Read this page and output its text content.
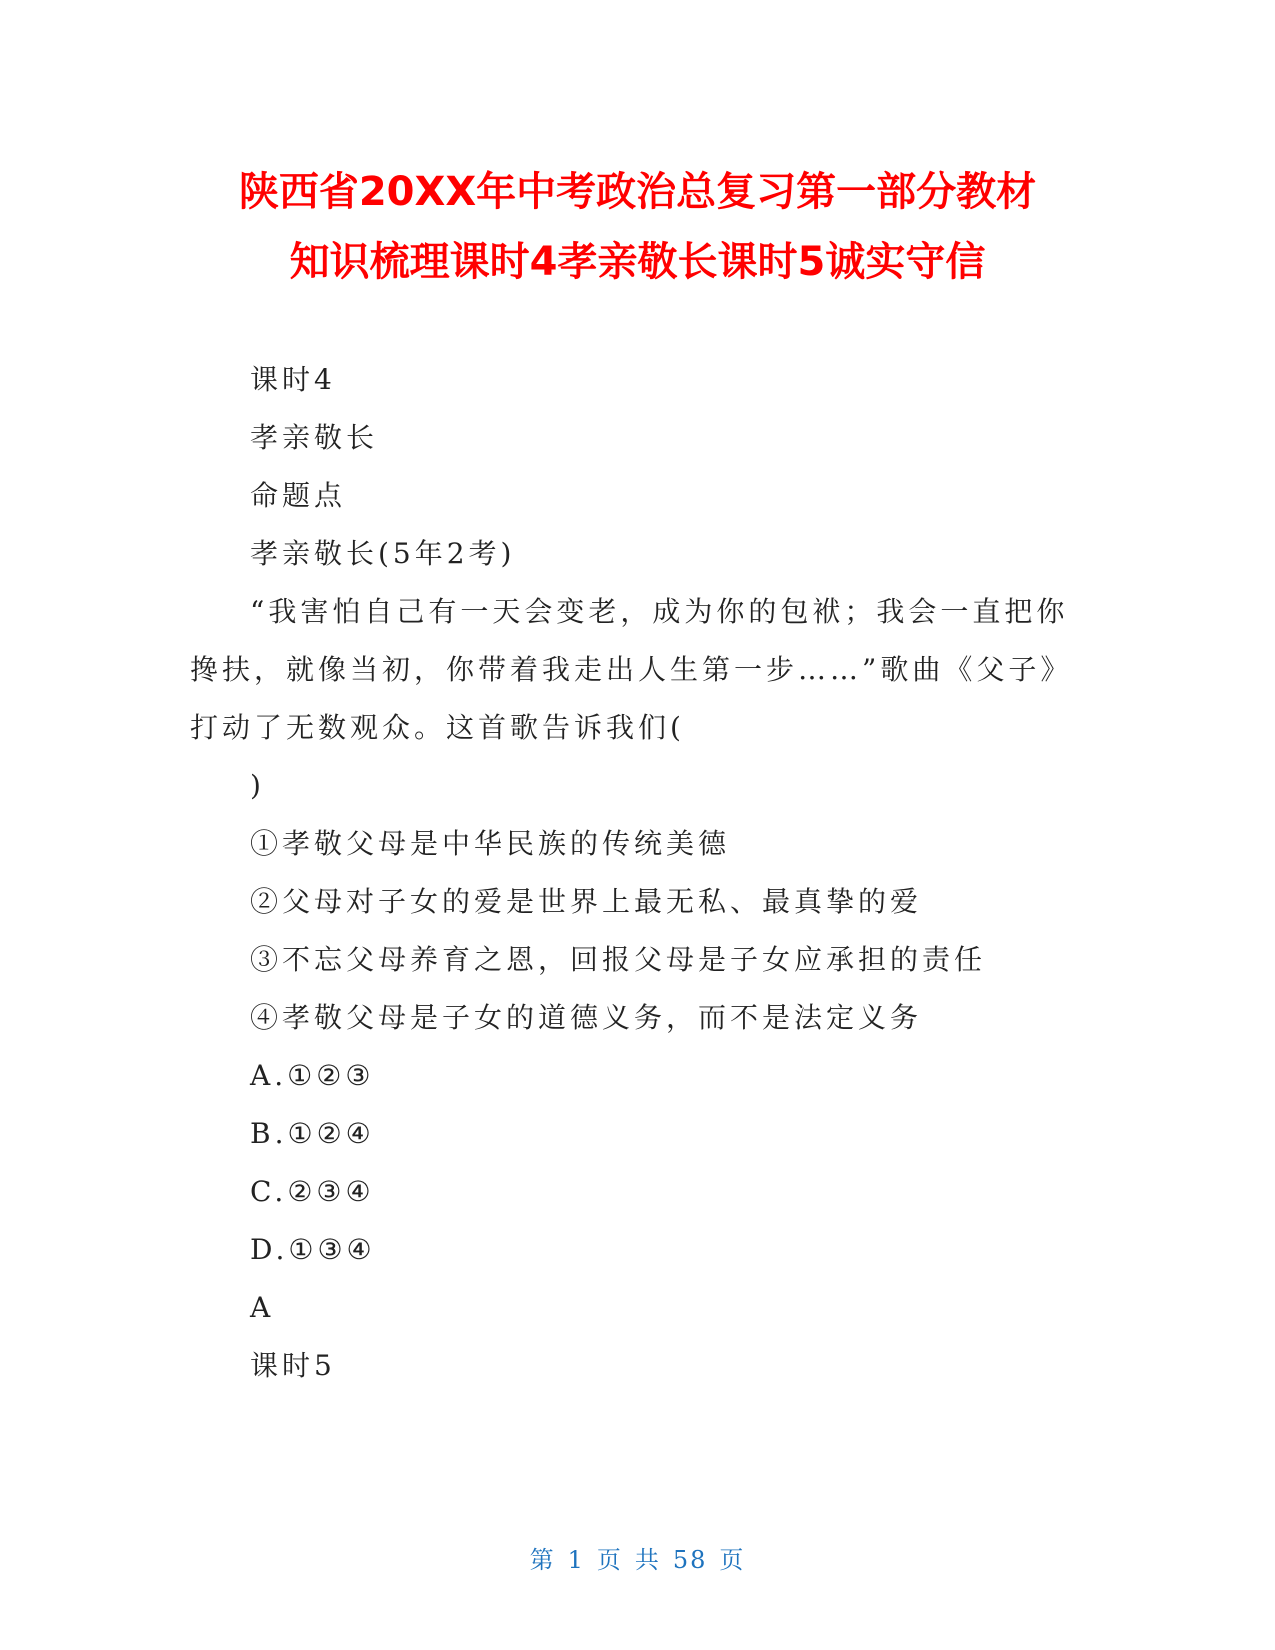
陕西省20XX年中考政治总复习第一部分教材
知识梳理课时4孝亲敬长课时5诚实守信
课时4
孝亲敬长
命题点
孝亲敬长(5年2考)
“我害怕自己有一天会变老，成为你的包袱；我会一直把你
搀扶，就像当初，你带着我走出人生第一步……”歌曲《父子》
打动了无数观众。这首歌告诉我们(
)
①孝敬父母是中华民族的传统美德
②父母对子女的爱是世界上最无私、最真挚的爱
③不忘父母养育之恩，回报父母是子女应承担的责任
④孝敬父母是子女的道德义务，而不是法定义务
A.①②③
B.①②④
C.②③④
D.①③④
A
课时5
第 1 页 共 58 页
